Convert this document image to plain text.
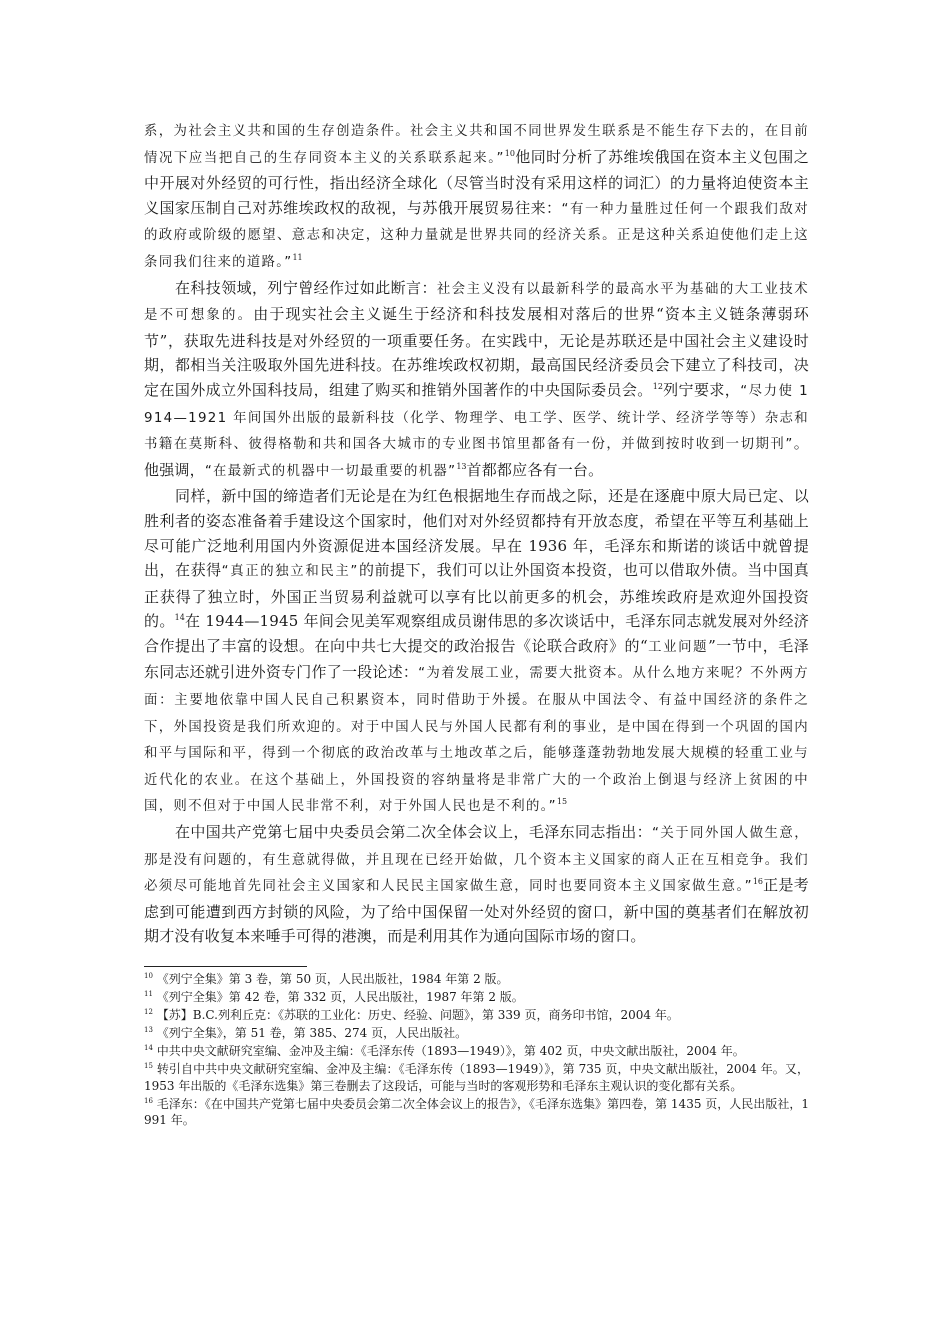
系，为社会主义共和国的生存创造条件。社会主义共和国不同世界发生联系是不能生存下去的，在目前情况下应当把自己的生存同资本主义的关系联系起来。”$^{10}$他同时分析了苏维埃俄国在资本主义包围之中开展对外经贸的可行性，指出经济全球化（尽管当时没有采用这样的词汇）的力量将迫使资本主义国家压制自己对苏维埃政权的敌视，与苏俄开展贸易往来：“有一种力量胜过任何一个跟我们敌对的政府或阶级的愿望、意志和决定，这种力量就是世界共同的经济关系。正是这种关系迫使他们走上这条同我们往来的道路。”$^{11}$

在科技领域，列宁曾经作过如此断言：社会主义没有以最新科学的最高水平为基础的大工业技术是不可想象的。由于现实社会主义诞生于经济和科技发展相对落后的世界“资本主义链条薄弱环节”，获取先进科技是对外经贸的一项重要任务。在实践中，无论是苏联还是中国社会主义建设时期，都相当关注吸取外国先进科技。在苏维埃政权初期，最高国民经济委员会下建立了科技司，决定在国外成立外国科技局，组建了购买和推销外国著作的中央国际委员会。$^{12}$列宁要求，“尽力使 1914—1921 年间国外出版的最新科技（化学、物理学、电工学、医学、统计学、经济学等等）杂志和书籍在莫斯科、彼得格勒和共和国各大城市的专业图书馆里都备有一份，并做到按时收到一切期刊”。他强调，“在最新式的机器中一切最重要的机器”$^{13}$首都都应各有一台。

同样，新中国的缔造者们无论是在为红色根据地生存而战之际，还是在逐鹿中原大局已定、以胜利者的姿态准备着手建设这个国家时，他们对对外经贸都持有开放态度，希望在平等互利基础上尽可能广泛地利用国内外资源促进本国经济发展。早在 1936 年，毛泽东和斯诺的谈话中就曾提出，在获得“真正的独立和民主”的前提下，我们可以让外国资本投资，也可以借取外债。当中国真正获得了独立时，外国正当贸易利益就可以享有比以前更多的机会，苏维埃政府是欢迎外国投资的。$^{14}$在 1944—1945 年间会见美军观察组成员谢伟思的多次谈话中，毛泽东同志就发展对外经济合作提出了丰富的设想。在向中共七大提交的政治报告《论联合政府》的“工业问题”一节中，毛泽东同志还就引进外资专门作了一段论述：“为着发展工业，需要大批资本。从什么地方来呢？不外两方面：主要地依靠中国人民自己积累资本，同时借助于外援。在服从中国法令、有益中国经济的条件之下，外国投资是我们所欢迎的。对于中国人民与外国人民都有利的事业，是中国在得到一个巩固的国内和平与国际和平，得到一个彻底的政治改革与土地改革之后，能够蓬蓬勃勃地发展大规模的轻重工业与近代化的农业。在这个基础上，外国投资的容纳量将是非常广大的一个政治上倒退与经济上贫困的中国，则不但对于中国人民非常不利，对于外国人民也是不利的。”$^{15}$

在中国共产党第七届中央委员会第二次全体会议上，毛泽东同志指出：“关于同外国人做生意，那是没有问题的，有生意就得做，并且现在已经开始做，几个资本主义国家的商人正在互相竞争。我们必须尽可能地首先同社会主义国家和人民民主国家做生意，同时也要同资本主义国家做生意。”$^{16}$正是考虑到可能遭到西方封锁的风险，为了给中国保留一处对外经贸的窗口，新中国的奠基者们在解放初期才没有收复本来唾手可得的港澳，而是利用其作为通向国际市场的窗口。

$^{10}$ 《列宁全集》第 3 卷，第 50 页，人民出版社，1984 年第 2 版。

$^{11}$ 《列宁全集》第 42 卷，第 332 页，人民出版社，1987 年第 2 版。

$^{12}$ 【苏】B.C.列利丘克：《苏联的工业化：历史、经验、问题》，第 339 页，商务印书馆，2004 年。

$^{13}$ 《列宁全集》，第 51 卷，第 385、274 页，人民出版社。

$^{14}$ 中共中央文献研究室编、金冲及主编：《毛泽东传（1893—1949）》，第 402 页，中央文献出版社，2004 年。

$^{15}$ 转引自中共中央文献研究室编、金冲及主编：《毛泽东传（1893—1949）》，第 735 页，中央文献出版社，2004 年。又，1953 年出版的《毛泽东选集》第三卷删去了这段话，可能与当时的客观形势和毛泽东主观认识的变化都有关系。

$^{16}$ 毛泽东：《在中国共产党第七届中央委员会第二次全体会议上的报告》，《毛泽东选集》第四卷，第 1435 页，人民出版社，1991 年。
